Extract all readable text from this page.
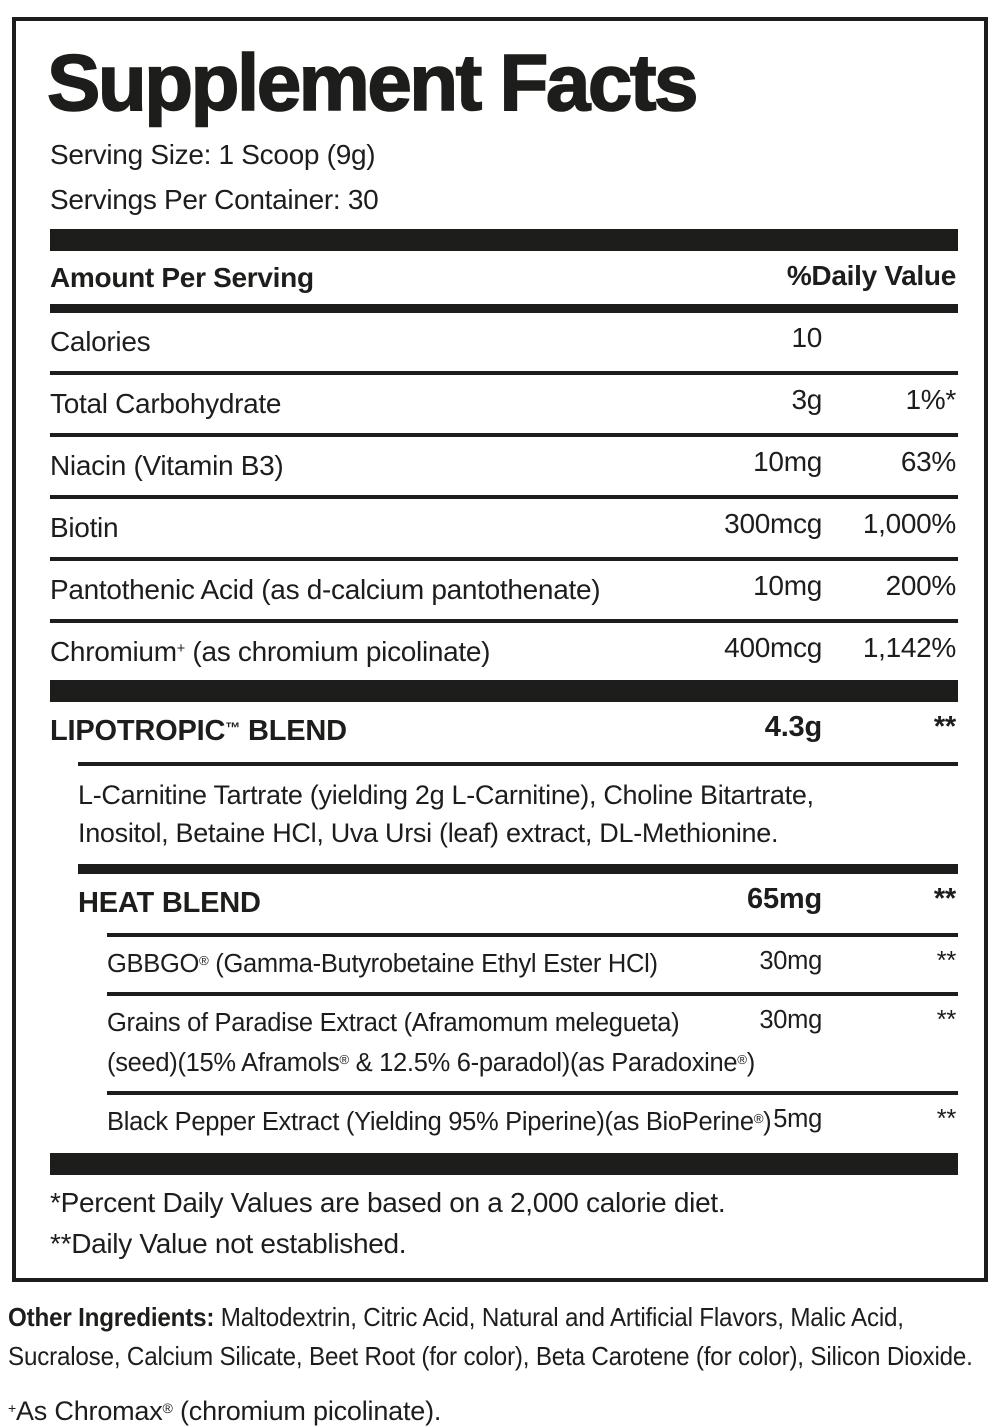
Supplement Facts
Serving Size: 1 Scoop (9g)
Servings Per Container: 30
Amount Per Serving	%Daily Value
Calories	10
Total Carbohydrate	3g	1%*
Niacin (Vitamin B3)	10mg	63%
Biotin	300mcg 1,000%
Pantothenic Acid (as d-calcium pantothenate)	10mg 200%
Chromium+ (as chromium picolinate)	400mcg 1,142%
LIPOTROPIC™ BLEND	4.3g	**
L-Carnitine Tartrate (yielding 2g L-Carnitine), Choline Bitartrate,
Inositol, Betaine HCl, Uva Ursi (leaf) extract, DL-Methionine.
HEAT BLEND	65mg	**
GBBGO® (Gamma-Butyrobetaine Ethyl Ester HCl)	30mg	**
Grains of Paradise Extract (Aframomum melegueta)
(seed)(15% Aframols® & 12.5% 6-paradol)(as Paradoxine®)
30mg	**
Black Pepper Extract (Yielding 95% Piperine)(as BioPerine®) 5mg	**
*Percent Daily Values are based on a 2,000 calorie diet.
**Daily Value not established.

Other Ingredients: Maltodextrin, Citric Acid, Natural and Artificial Flavors, Malic Acid, Sucralose, Calcium Silicate, Beet Root (for color), Beta Carotene (for color), Silicon Dioxide.

+As Chromax® (chromium picolinate).
